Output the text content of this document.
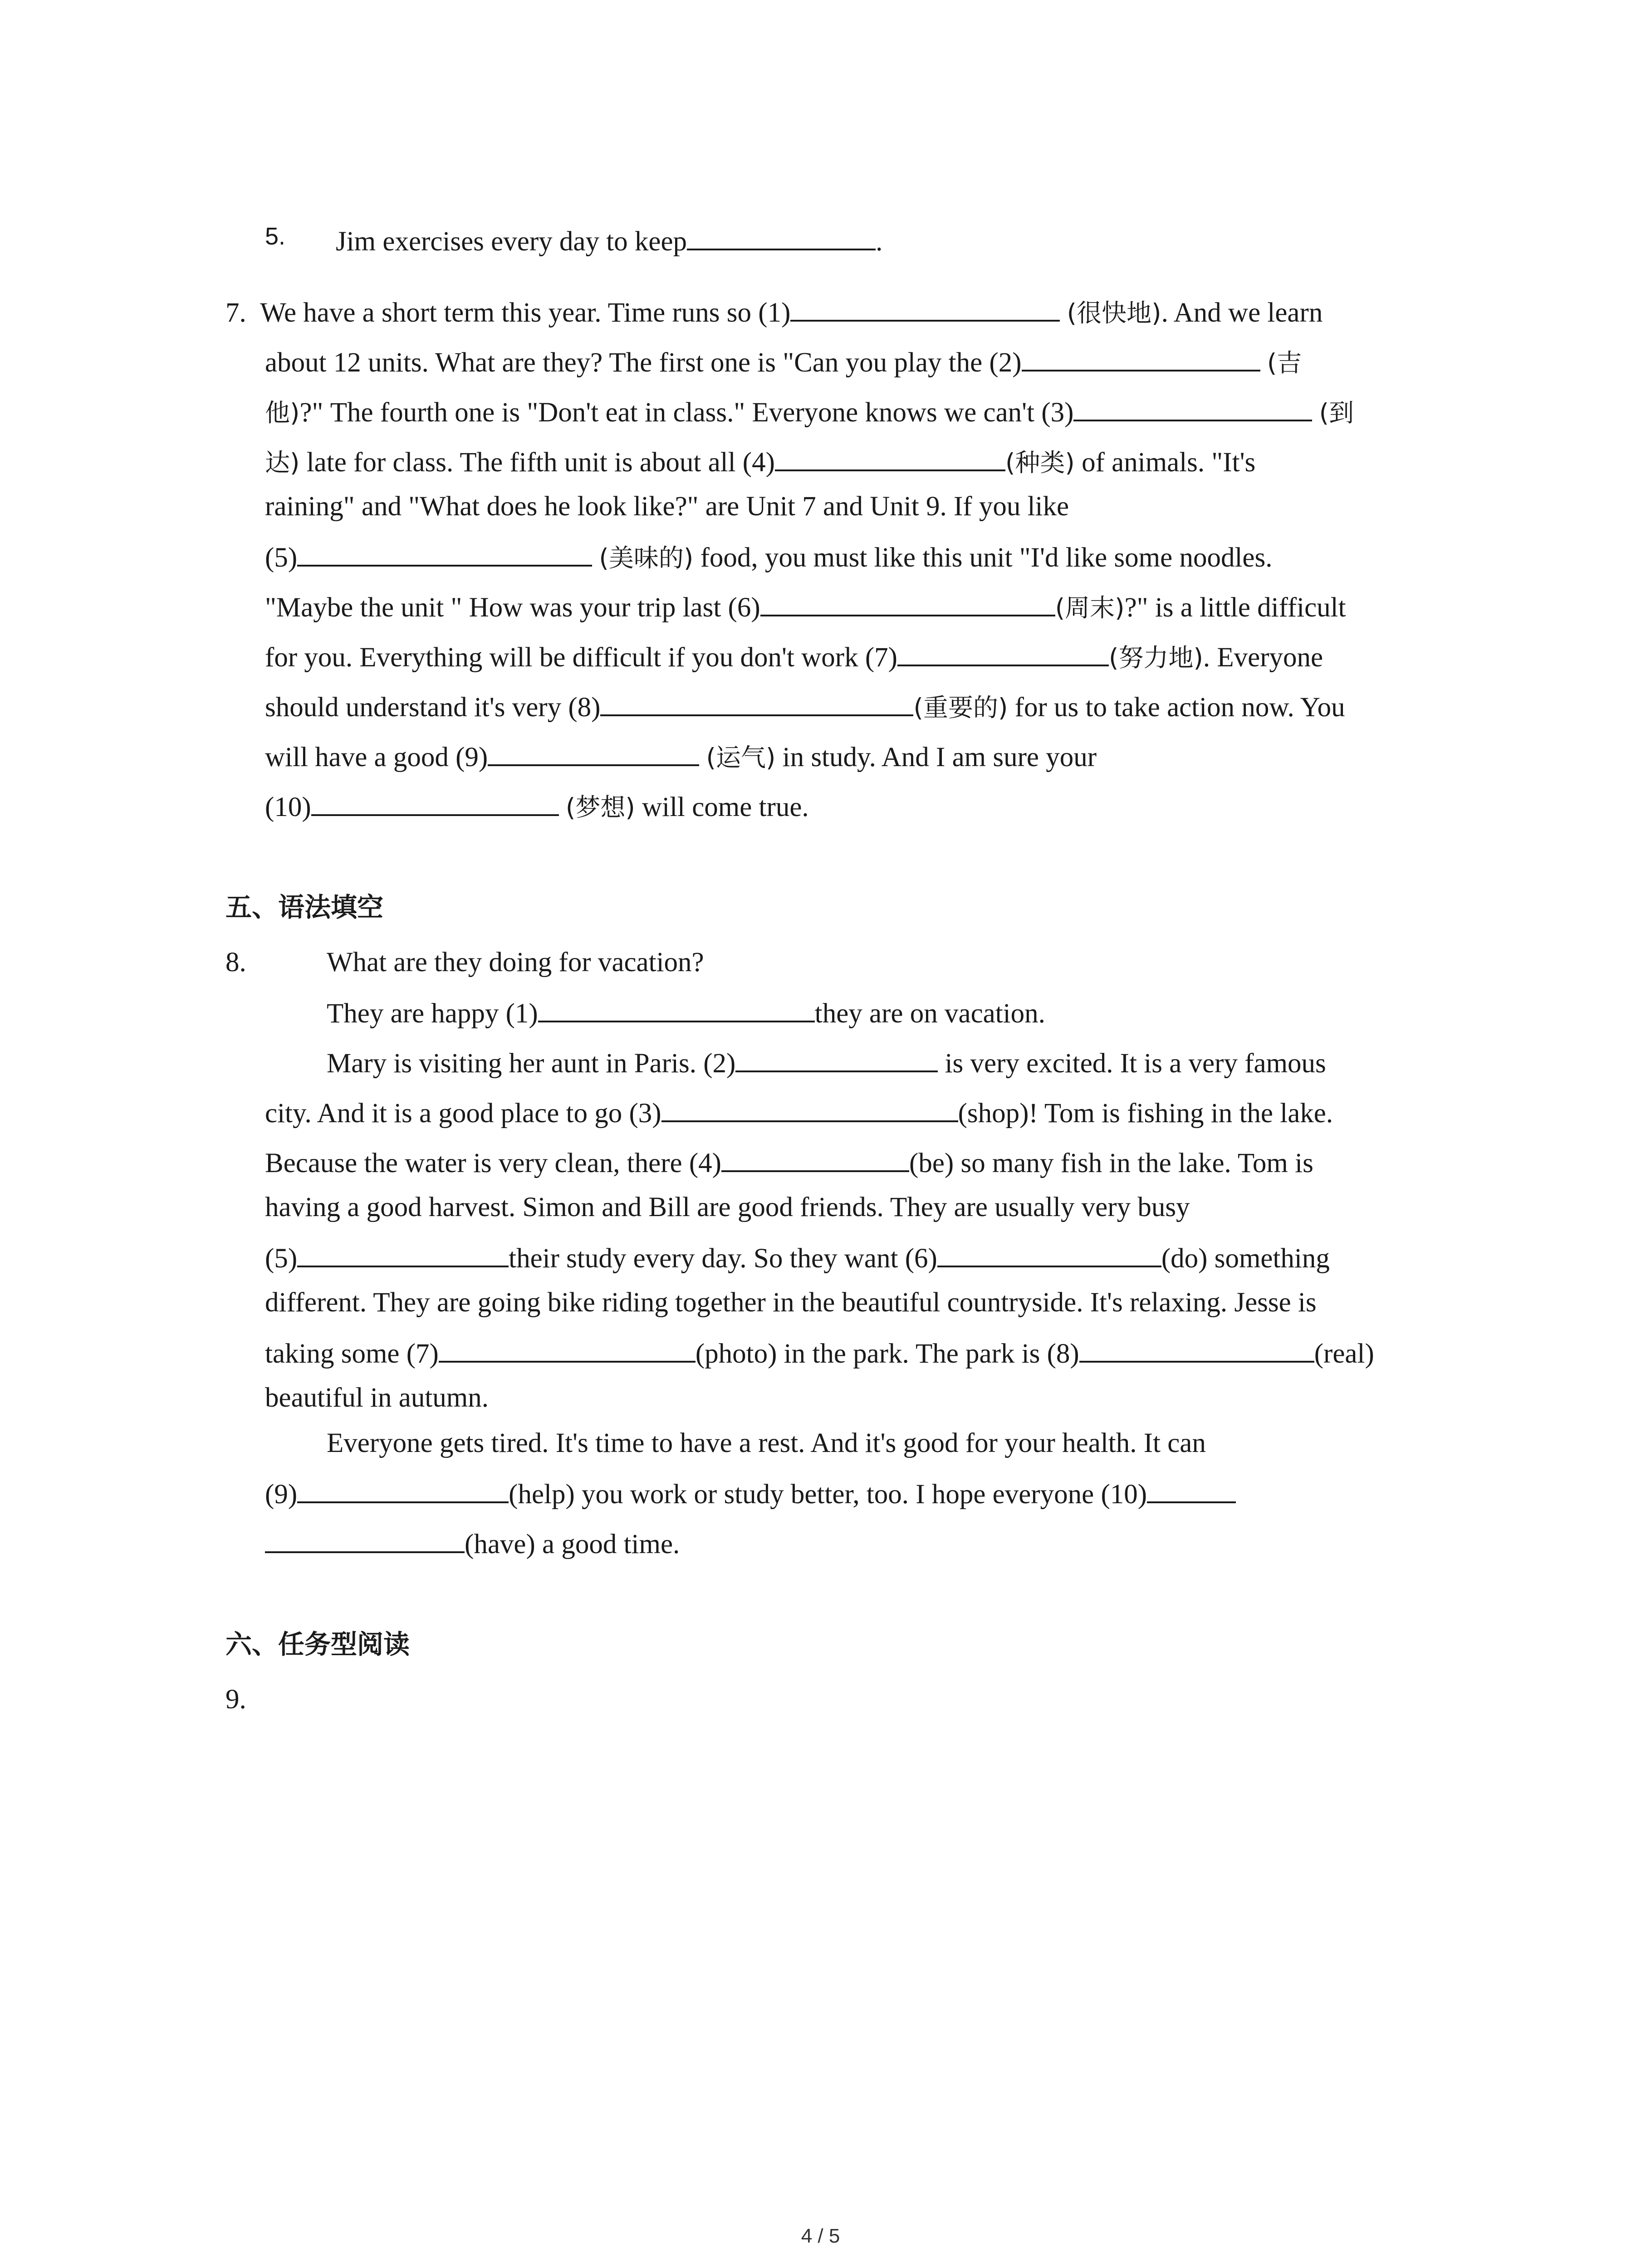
5. Jim exercises every day to keep	.
7. We have a short term this year. Time runs so (1)	(很快地). And we learn
about 12 units. What are they? The first one is "Can you play the (2)	(吉
他)?" The fourth one is "Don't eat in class." Everyone knows we can't (3)	(到
达) late for class. The fifth unit is about all (4)	(种类) of animals. "It's
raining" and "What does he look like?" are Unit 7 and Unit 9. If you like
(5)	(美味的) food, you must like this unit "I'd like some noodles.
"Maybe the unit " How was your trip last (6)	(周末)?" is a little difficult
for you. Everything will be difficult if you don't work (7)	(努力地). Everyone
should understand it's very (8)	(重要的) for us to take action now. You
will have a good (9)	(运气) in study. And I am sure your
(10)	(梦想) will come true.
五、语法填空
8.	What are they doing for vacation?
They are happy (1)	they are on vacation.
Mary is visiting her aunt in Paris. (2)	is very excited. It is a very famous
city. And it is a good place to go (3)	(shop)! Tom is fishing in the lake.
Because the water is very clean, there (4)	(be) so many fish in the lake. Tom is
having a good harvest. Simon and Bill are good friends. They are usually very busy
(5)	their study every day. So they want (6)	(do) something
different. They are going bike riding together in the beautiful countryside. It's relaxing. Jesse is
taking some (7)	(photo) in the park. The park is (8)	(real)
beautiful in autumn.
Everyone gets tired. It's time to have a rest. And it's good for your health. It can
(9)	(help) you work or study better, too. I hope everyone (10)
(have) a good time.
六、任务型阅读
9.
4 / 5
